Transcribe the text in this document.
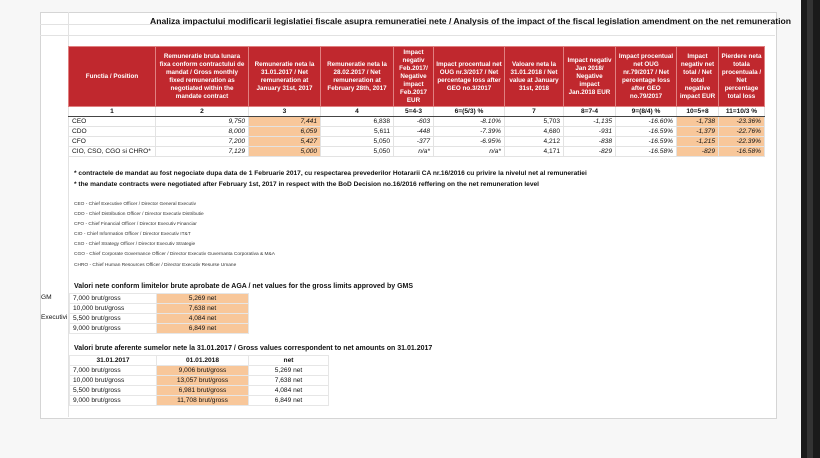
Analiza impactului modificarii legislatiei fiscale asupra remuneratiei nete / Analysis of the impact of the fiscal legislation amendment on the net remuneration
Functia / Position	Remuneratie bruta lunara fixa conform contractului de mandat / Gross monthly fixed remuneration as negotiated within the mandate contract	Remuneratie neta la 31.01.2017 / Net remuneration at January 31st, 2017	Remuneratie neta la 28.02.2017 / Net remuneration at February 28th, 2017	Impact negativ Feb.2017/ Negative impact Feb.2017 EUR	Impact procentual net OUG nr.3/2017 / Net percentage loss after GEO no.3/2017	Valoare neta la 31.01.2018 / Net value at January 31st, 2018	Impact negativ Jan 2018/ Negative impact Jan.2018 EUR	Impact procentual net OUG nr.79/2017 / Net percentage loss after GEO no.79/2017	Impact negativ net total / Net total negative impact EUR	Pierdere neta totala procentuala / Net percentage total loss
1	2	3	4	5=4-3	6=(5/3) %	7	8=7-4	9=(8/4) %	10=5+8	11=10/3 %
CEO	9,750	7,441	6,838	-603	-8.10%	5,703	-1,135	-16.60%	-1,738	-23.36%
CDO	8,000	6,059	5,611	-448	-7.39%	4,680	-931	-16.59%	-1,379	-22.76%
CFO	7,200	5,427	5,050	-377	-6.95%	4,212	-838	-16.59%	-1,215	-22.39%
CIO, CSO, CGO si CHRO*	7,129	5,000	5,050	n/a*	n/a*	4,171	-829	-16.58%	-829	-16.58%
* contractele de mandat au fost negociate dupa data de 1 Februarie 2017, cu respectarea prevederilor Hotararii CA nr.16/2016 cu privire la nivelul net al remuneratiei
* the mandate contracts were negotiated after February 1st, 2017 in respect with the BoD Decision no.16/2016 reffering on the net remuneration level
CEO - Chief Executive Officer / Director General Executiv
CDO - Chief Distribution Officer / Director Executiv Distributie
CFO - Chief Financial Officer / Director Executiv Financiar
CIO - Chief Information Officer / Director Executiv IT&T
CSO - Chief Strategy Officer / Director Executiv Strategie
CGO - Chief Corporate Governance Officer / Director Executiv Guvernanta Corporativa & M&A
CHRO - Chief Human Resources Officer / Director Executiv Resurse Umane
Valori nete conform limitelor brute aprobate de AGA / net values for the gross limits approved by GMS
GM
Executivi
7,000 brut/gross	5,269 net
10,000 brut/gross	7,638 net
5,500 brut/gross	4,084 net
9,000 brut/gross	6,849 net
Valori brute aferente sumelor nete la 31.01.2017 / Gross values correspondent to net amounts on 31.01.2017
31.01.2017	01.01.2018	net
7,000 brut/gross	9,006 brut/gross	5,269 net
10,000 brut/gross	13,057 brut/gross	7,638 net
5,500 brut/gross	6,981 brut/gross	4,084 net
9,000 brut/gross	11,708 brut/gross	6,849 net
